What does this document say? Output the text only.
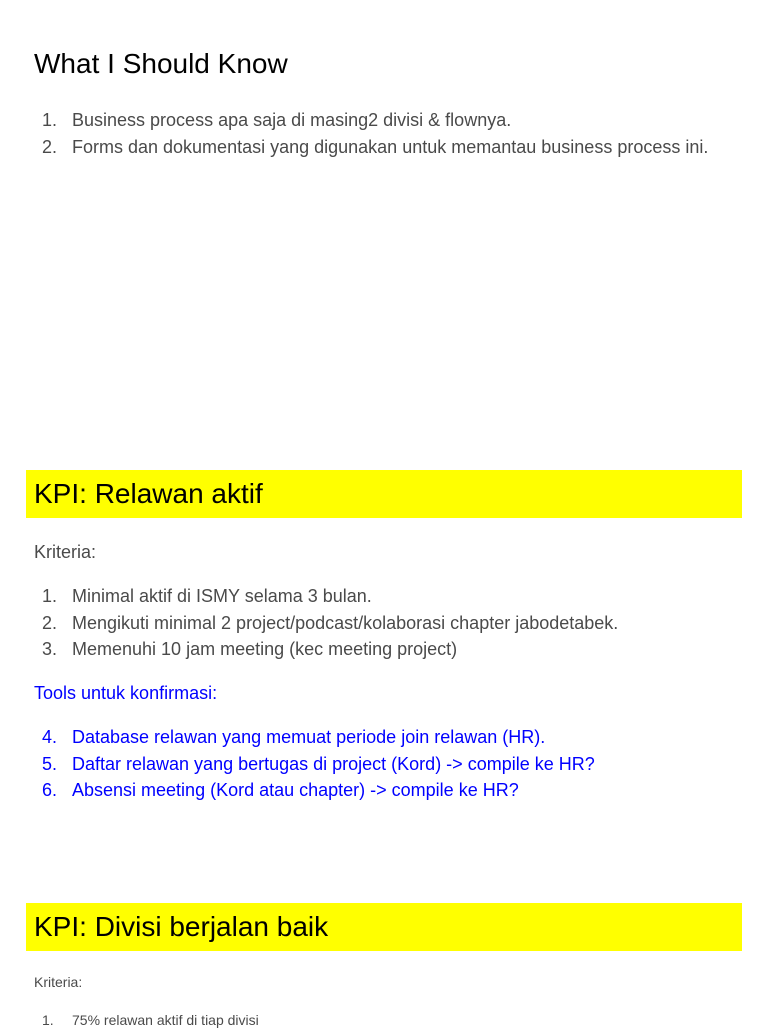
What I Should Know
1. Business process apa saja di masing2 divisi & flownya.
2. Forms dan dokumentasi yang digunakan untuk memantau business process ini.
KPI: Relawan aktif

Kriteria:

1. Minimal aktif di ISMY selama 3 bulan.
2. Mengikuti minimal 2 project/podcast/kolaborasi chapter jabodetabek.
3. Memenuhi 10 jam meeting (kec meeting project)

Tools untuk konfirmasi:

4. Database relawan yang memuat periode join relawan (HR).
5. Daftar relawan yang bertugas di project (Kord) -> compile ke HR?
6. Absensi meeting (Kord atau chapter) -> compile ke HR?
KPI: Divisi berjalan baik

Kriteria:

1. 75% relawan aktif di tiap divisi
